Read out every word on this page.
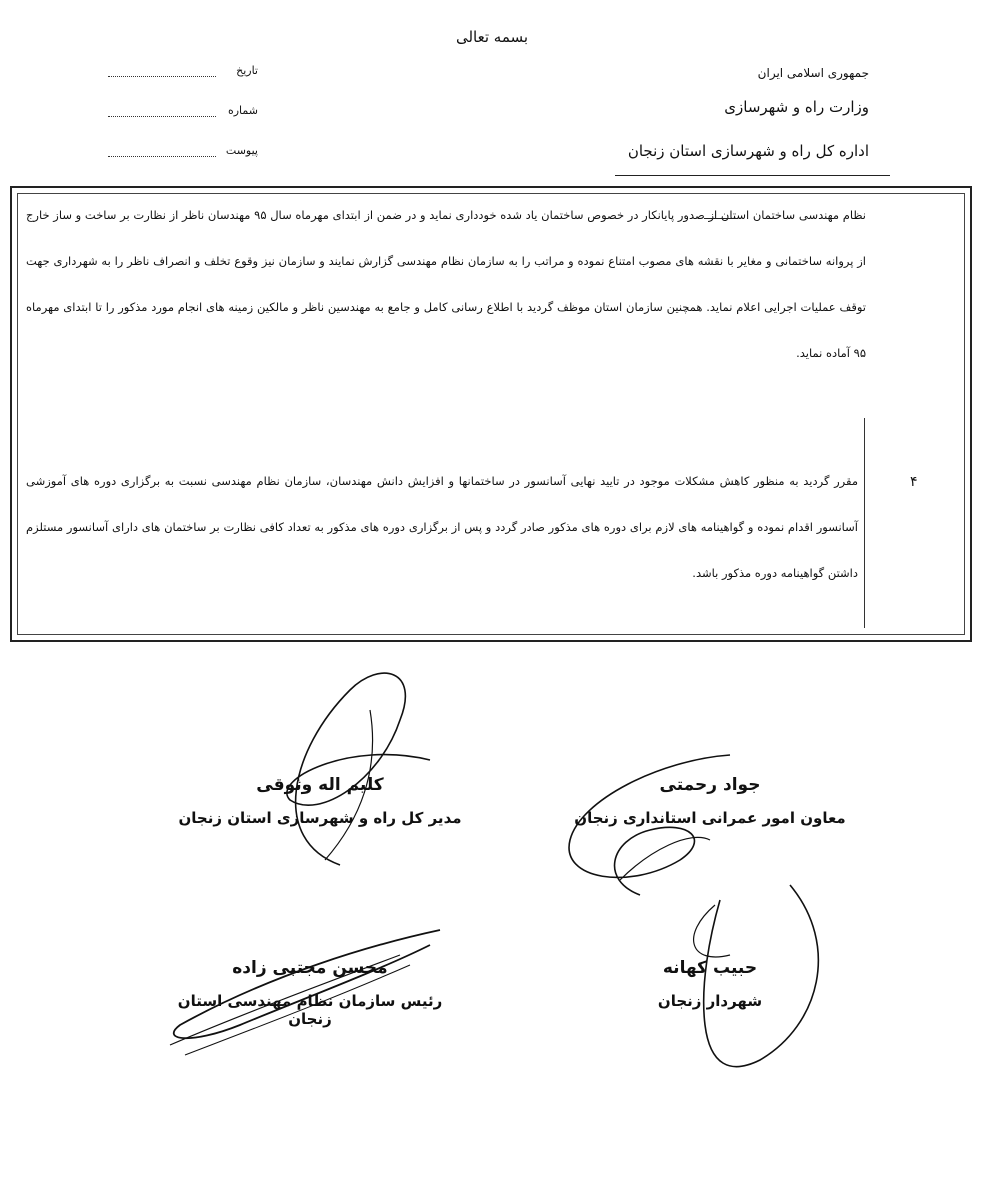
بسمه تعالی
جمهوری اسلامی ایران
وزارت راه و شهرسازی
اداره کل راه و شهرسازی استان زنجان
تاریخ
شماره
پیوست
نظام مهندسی ساختمان استان از صدور پایانکار در خصوص ساختمان یاد شده خودداری نماید و در ضمن از ابتدای مهرماه سال ۹۵ مهندسان ناظر از نظارت بر ساخت و ساز خارج از پروانه ساختمانی و مغایر با نقشه های مصوب امتناع نموده و مراتب را به سازمان نظام مهندسی گزارش نمایند و سازمان نیز وقوع تخلف و انصراف ناظر را به شهرداری جهت توقف عملیات اجرایی اعلام نماید. همچنین سازمان استان موظف گردید با اطلاع رسانی کامل و جامع به مهندسین ناظر و مالکین زمینه های انجام مورد مذکور را تا ابتدای مهرماه ۹۵ آماده نماید.
۴
مقرر گردید به منظور کاهش مشکلات موجود در تایید نهایی آسانسور در ساختمانها و افزایش دانش مهندسان، سازمان نظام مهندسی نسبت به برگزاری دوره های آموزشی آسانسور اقدام نموده و گواهینامه های لازم برای دوره های مذکور صادر گردد و پس از برگزاری دوره های مذکور به تعداد کافی نظارت بر ساختمان های دارای آسانسور مستلزم داشتن گواهینامه دوره مذکور باشد.
کلیم اله وثوقی
مدیر کل راه و شهرسازی استان زنجان
جواد رحمتی
معاون امور عمرانی استانداری زنجان
محسن مجتبی زاده
رئیس سازمان نظام مهندسی استان زنجان
حبیب کهانه
شهردار زنجان
